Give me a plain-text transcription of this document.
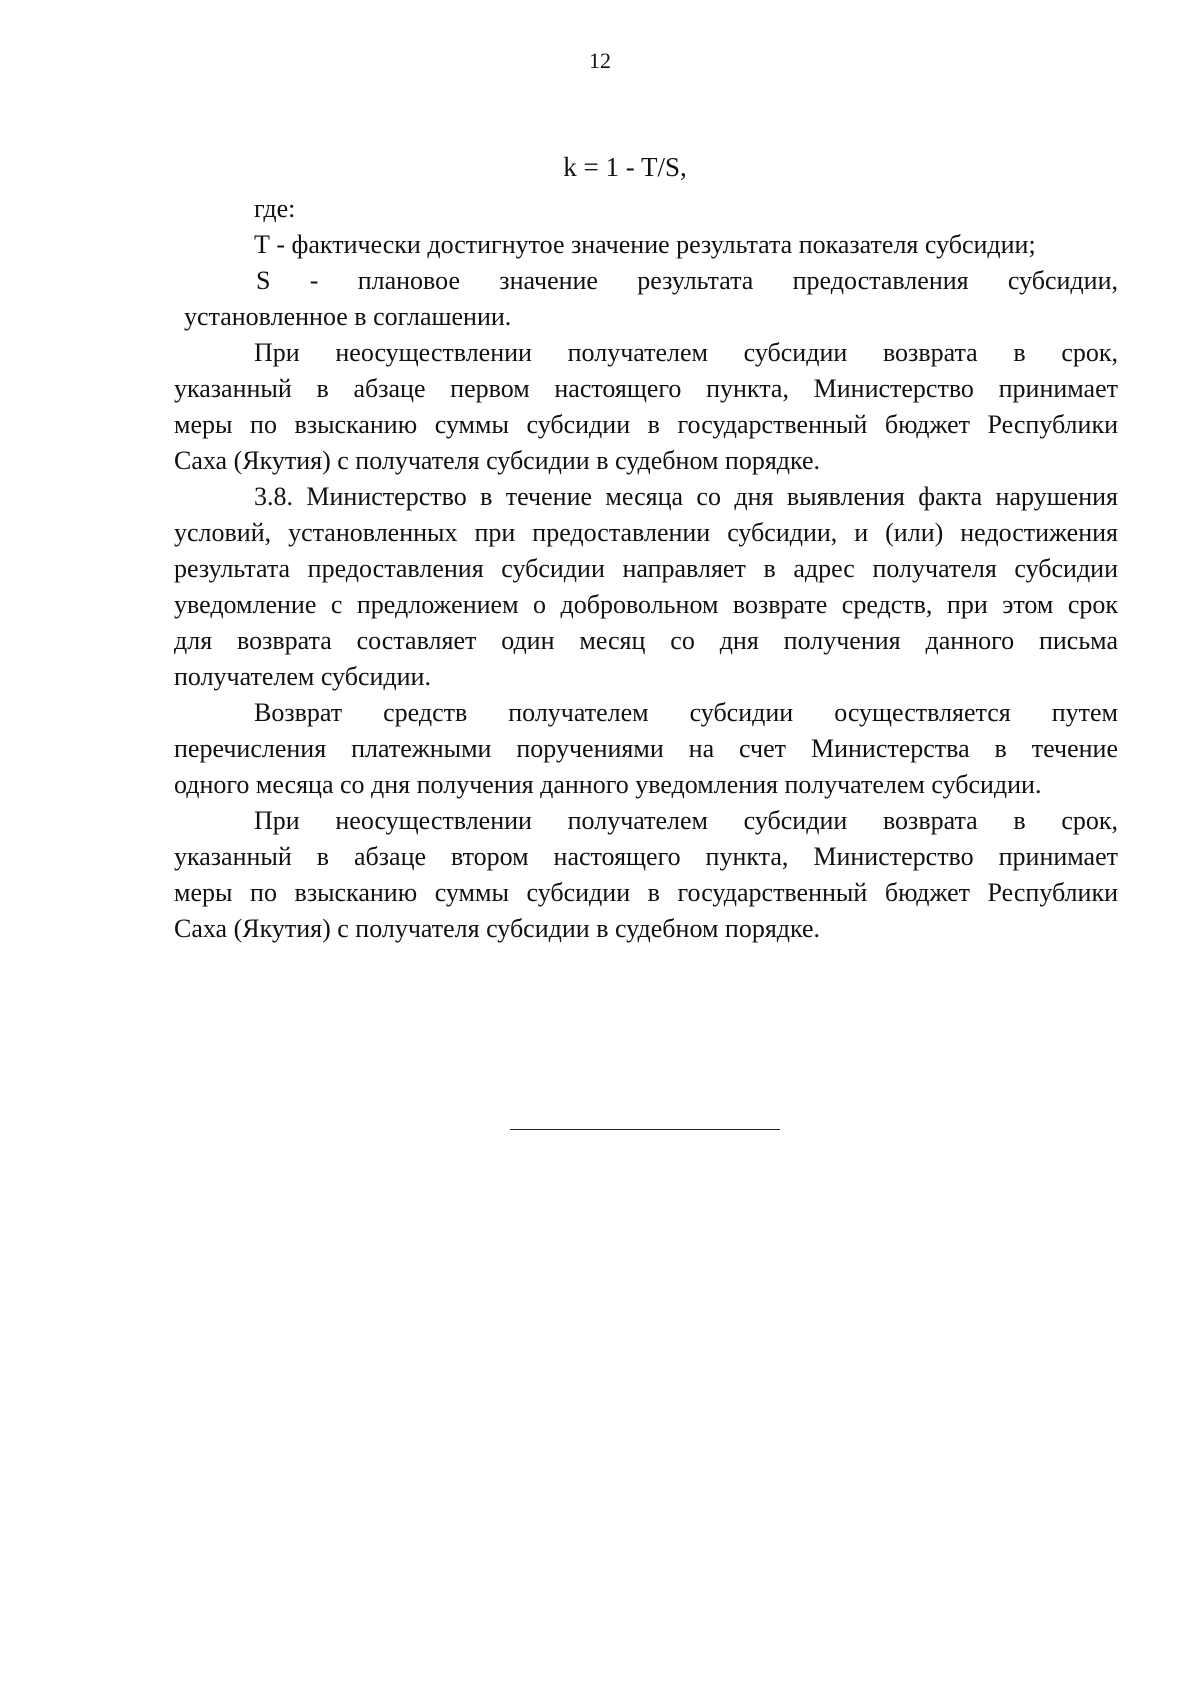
12
k = 1 - T/S,
где:
Т - фактически достигнутое значение результата показателя субсидии;
S - плановое значение результата предоставления субсидии,
установленное в соглашении.
При неосуществлении получателем субсидии возврата в срок,
указанный в абзаце первом настоящего пункта, Министерство принимает
меры по взысканию суммы субсидии в государственный бюджет Республики
Саха (Якутия) с получателя субсидии в судебном порядке.
3.8. Министерство в течение месяца со дня выявления факта нарушения
условий, установленных при предоставлении субсидии, и (или) недостижения
результата предоставления субсидии направляет в адрес получателя субсидии
уведомление с предложением о добровольном возврате средств, при этом срок
для возврата составляет один месяц со дня получения данного письма
получателем субсидии.
Возврат средств получателем субсидии осуществляется путем
перечисления платежными поручениями на счет Министерства в течение
одного месяца со дня получения данного уведомления получателем субсидии.
При неосуществлении получателем субсидии возврата в срок,
указанный в абзаце втором настоящего пункта, Министерство принимает
меры по взысканию суммы субсидии в государственный бюджет Республики
Саха (Якутия) с получателя субсидии в судебном порядке.
